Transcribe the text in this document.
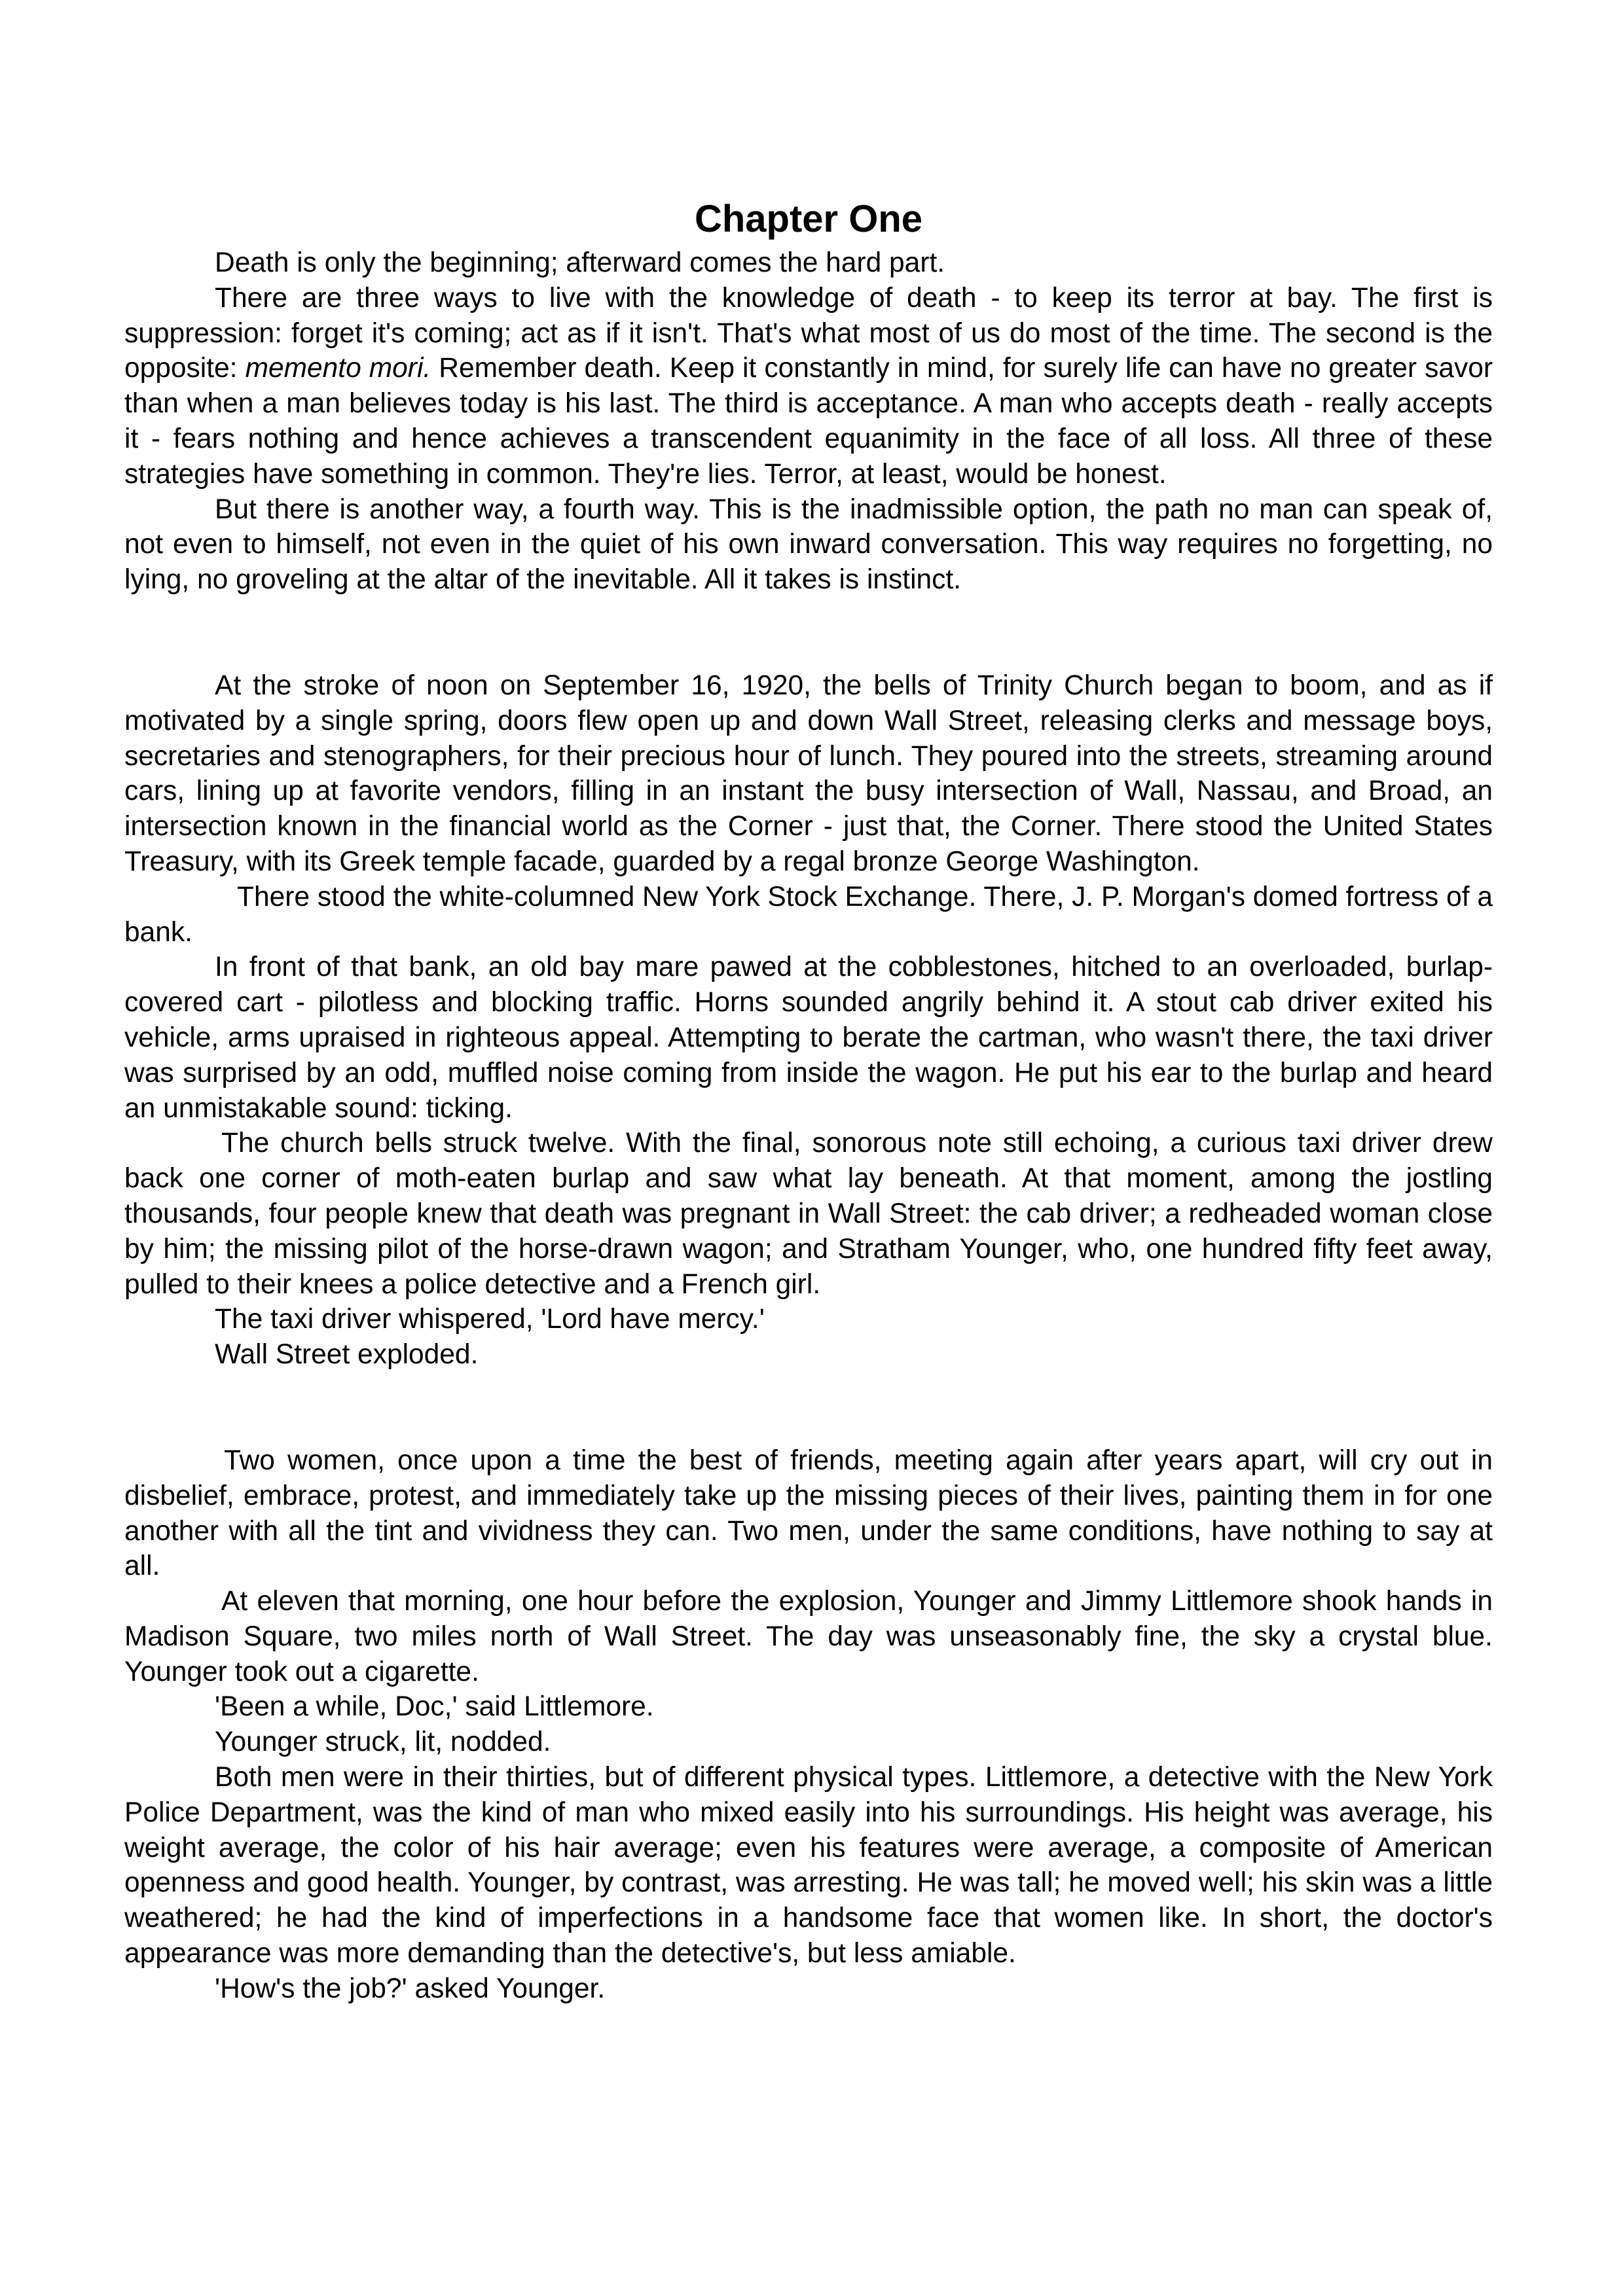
Chapter One

Death is only the beginning; afterward comes the hard part.

There are three ways to live with the knowledge of death - to keep its terror at bay. The first is suppression: forget it's coming; act as if it isn't. That's what most of us do most of the time. The second is the opposite: memento mori. Remember death. Keep it constantly in mind, for surely life can have no greater savor than when a man believes today is his last. The third is acceptance. A man who accepts death - really accepts it - fears nothing and hence achieves a transcendent equanimity in the face of all loss. All three of these strategies have something in common. They're lies. Terror, at least, would be honest.

But there is another way, a fourth way. This is the inadmissible option, the path no man can speak of, not even to himself, not even in the quiet of his own inward conversation. This way requires no forgetting, no lying, no groveling at the altar of the inevitable. All it takes is instinct.

At the stroke of noon on September 16, 1920, the bells of Trinity Church began to boom, and as if motivated by a single spring, doors flew open up and down Wall Street, releasing clerks and message boys, secretaries and stenographers, for their precious hour of lunch. They poured into the streets, streaming around cars, lining up at favorite vendors, filling in an instant the busy intersection of Wall, Nassau, and Broad, an intersection known in the financial world as the Corner - just that, the Corner. There stood the United States Treasury, with its Greek temple facade, guarded by a regal bronze George Washington.

There stood the white-columned New York Stock Exchange. There, J. P. Morgan's domed fortress of a bank.

In front of that bank, an old bay mare pawed at the cobblestones, hitched to an overloaded, burlap-covered cart - pilotless and blocking traffic. Horns sounded angrily behind it. A stout cab driver exited his vehicle, arms upraised in righteous appeal. Attempting to berate the cartman, who wasn't there, the taxi driver was surprised by an odd, muffled noise coming from inside the wagon. He put his ear to the burlap and heard an unmistakable sound: ticking.

The church bells struck twelve. With the final, sonorous note still echoing, a curious taxi driver drew back one corner of moth-eaten burlap and saw what lay beneath. At that moment, among the jostling thousands, four people knew that death was pregnant in Wall Street: the cab driver; a redheaded woman close by him; the missing pilot of the horse-drawn wagon; and Stratham Younger, who, one hundred fifty feet away, pulled to their knees a police detective and a French girl.

The taxi driver whispered, 'Lord have mercy.'

Wall Street exploded.

Two women, once upon a time the best of friends, meeting again after years apart, will cry out in disbelief, embrace, protest, and immediately take up the missing pieces of their lives, painting them in for one another with all the tint and vividness they can. Two men, under the same conditions, have nothing to say at all.

At eleven that morning, one hour before the explosion, Younger and Jimmy Littlemore shook hands in Madison Square, two miles north of Wall Street. The day was unseasonably fine, the sky a crystal blue. Younger took out a cigarette.

'Been a while, Doc,' said Littlemore.

Younger struck, lit, nodded.

Both men were in their thirties, but of different physical types. Littlemore, a detective with the New York Police Department, was the kind of man who mixed easily into his surroundings. His height was average, his weight average, the color of his hair average; even his features were average, a composite of American openness and good health. Younger, by contrast, was arresting. He was tall; he moved well; his skin was a little weathered; he had the kind of imperfections in a handsome face that women like. In short, the doctor's appearance was more demanding than the detective's, but less amiable.

'How's the job?' asked Younger.
